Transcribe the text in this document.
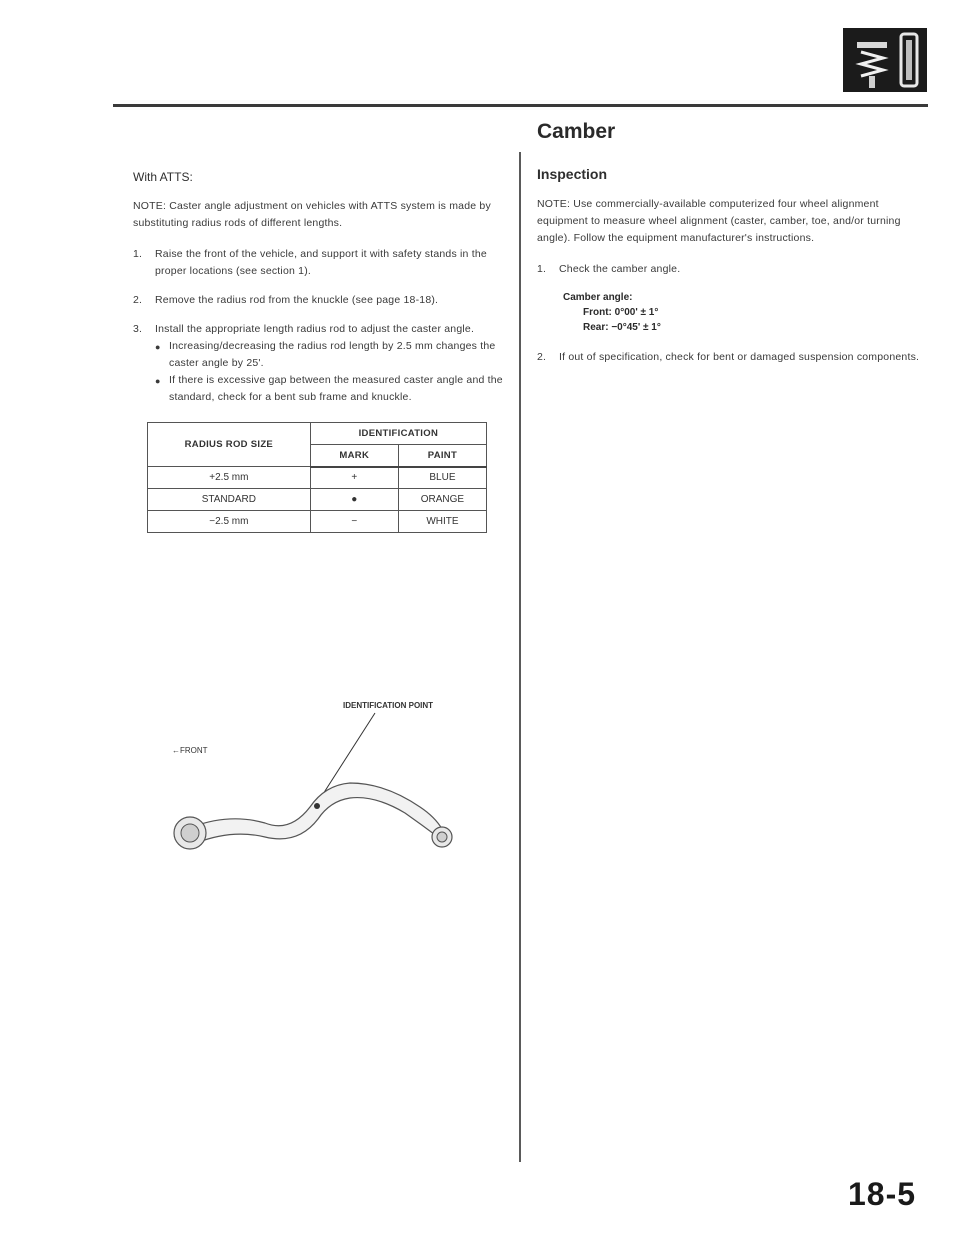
With ATTS:
NOTE: Caster angle adjustment on vehicles with ATTS system is made by substituting radius rods of different lengths.
1.	Raise the front of the vehicle, and support it with safety stands in the proper locations (see section 1).
2.	Remove the radius rod from the knuckle (see page 18-18).
3.	Install the appropriate length radius rod to adjust the caster angle.
● Increasing/decreasing the radius rod length by 2.5 mm changes the caster angle by 25'.
● If there is excessive gap between the measured caster angle and the standard, check for a bent sub frame and knuckle.
RADIUS ROD SIZE	IDENTIFICATION	
	MARK	PAINT
+2.5 mm	+	BLUE
STANDARD	●	ORANGE
−2.5 mm	−	WHITE
IDENTIFICATION POINT
←FRONT
Camber
Inspection
NOTE: Use commercially-available computerized four wheel alignment equipment to measure wheel alignment (caster, camber, toe, and/or turning angle). Follow the equipment manufacturer's instructions.
1.	Check the camber angle.
Camber angle:
Front: 0°00' ± 1°
Rear: −0°45' ± 1°
2.	If out of specification, check for bent or damaged suspension components.
18-5
